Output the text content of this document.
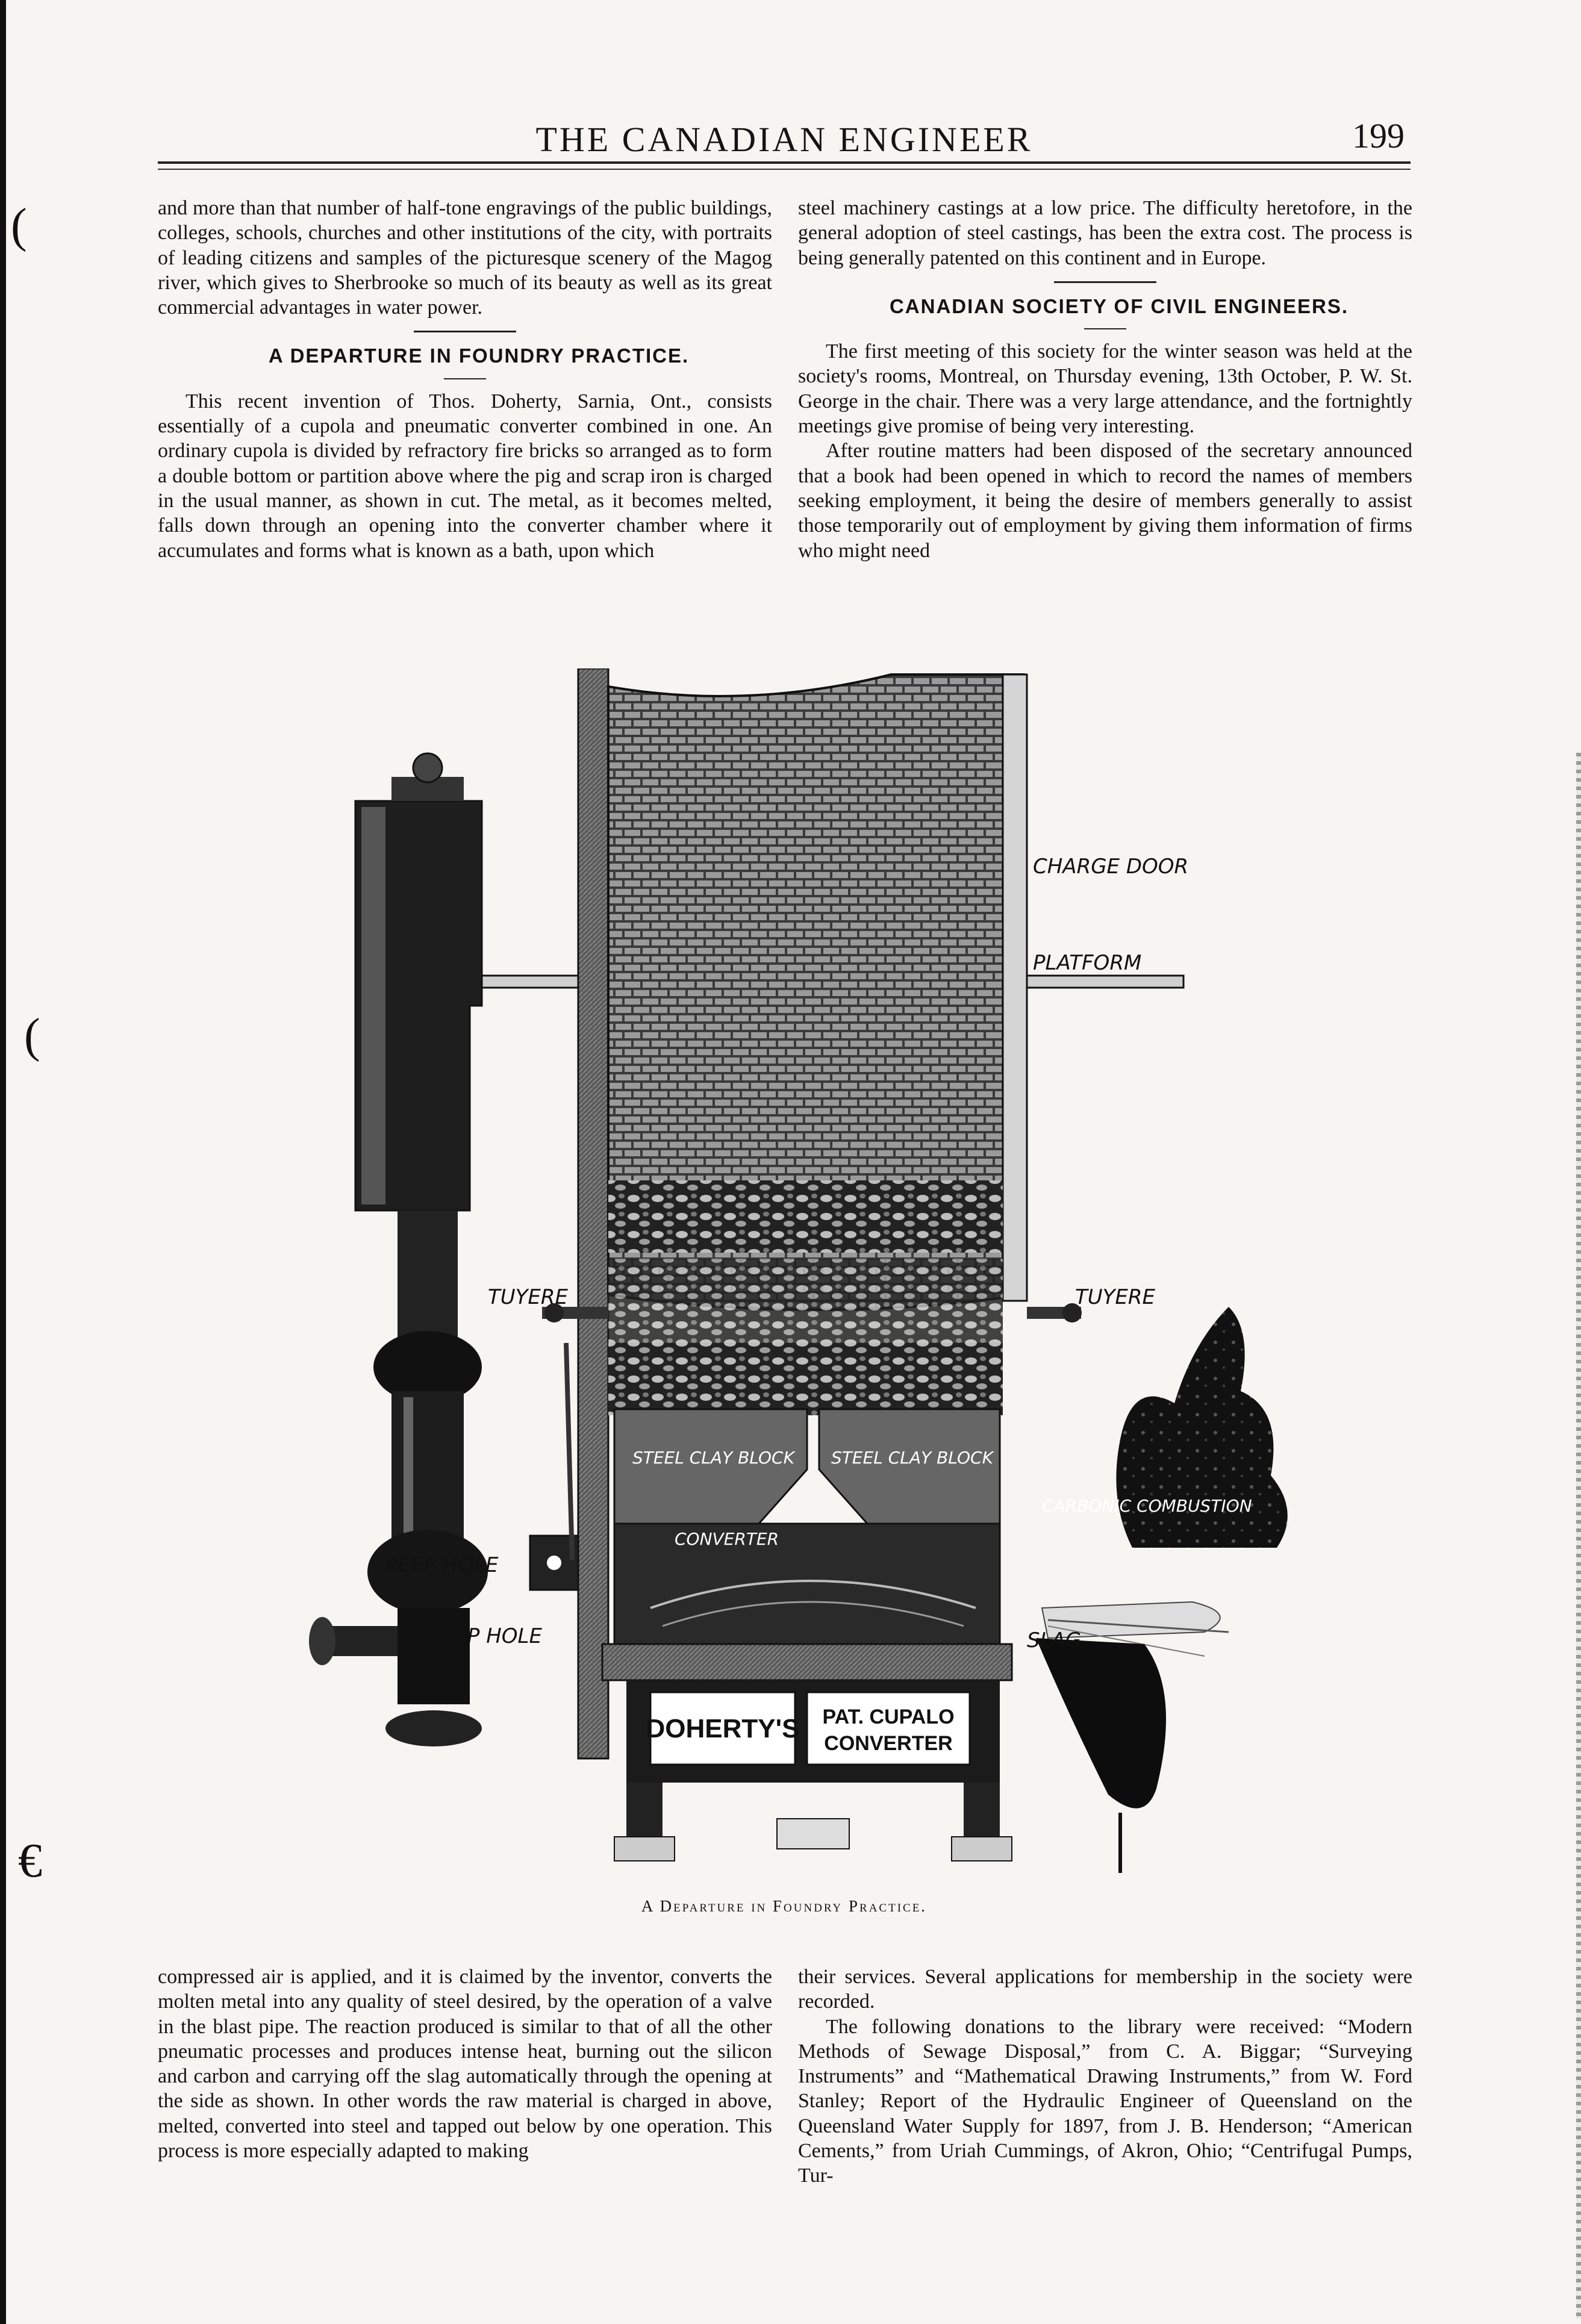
(
(
€
THE CANADIAN ENGINEER	199

and more than that number of half-tone engravings of the public buildings, colleges, schools, churches and other institutions of the city, with portraits of leading citizens and samples of the picturesque scenery of the Magog river, which gives to Sherbrooke so much of its beauty as well as its great commercial advantages in water power.

A DEPARTURE IN FOUNDRY PRACTICE.

This recent invention of Thos. Doherty, Sarnia, Ont., consists essentially of a cupola and pneumatic converter combined in one. An ordinary cupola is divided by refractory fire bricks so arranged as to form a double bottom or partition above where the pig and scrap iron is charged in the usual manner, as shown in cut. The metal, as it becomes melted, falls down through an opening into the converter chamber where it accumulates and forms what is known as a bath, upon which

steel machinery castings at a low price. The difficulty heretofore, in the general adoption of steel castings, has been the extra cost. The process is being generally patented on this continent and in Europe.

CANADIAN SOCIETY OF CIVIL ENGINEERS.

The first meeting of this society for the winter season was held at the society's rooms, Montreal, on Thursday evening, 13th October, P. W. St. George in the chair. There was a very large attendance, and the fortnightly meetings give promise of being very interesting.

After routine matters had been disposed of the secretary announced that a book had been opened in which to record the names of members seeking employment, it being the desire of members generally to assist those temporarily out of employment by giving them information of firms who might need

CHARGE DOOR
PLATFORM
TUYERE	TUYERE
STEEL CLAY BLOCK STEEL CLAY BLOCK
CARBONIC COMBUSTION
CONVERTER
PEEP HOLE
TAP HOLE	SLAG
DOHERTY'S PAT. CUPALO
CONVERTER
A Departure in Foundry Practice.

compressed air is applied, and it is claimed by the inventor, converts the molten metal into any quality of steel desired, by the operation of a valve in the blast pipe. The reaction produced is similar to that of all the other pneumatic processes and produces intense heat, burning out the silicon and carbon and carrying off the slag automatically through the opening at the side as shown. In other words the raw material is charged in above, melted, converted into steel and tapped out below by one operation. This process is more especially adapted to making

their services. Several applications for membership in the society were recorded.

The following donations to the library were received: “Modern Methods of Sewage Disposal,” from C. A. Biggar; “Surveying Instruments” and “Mathematical Drawing Instruments,” from W. Ford Stanley; Report of the Hydraulic Engineer of Queensland on the Queensland Water Supply for 1897, from J. B. Henderson; “American Cements,” from Uriah Cummings, of Akron, Ohio; “Centrifugal Pumps, Tur-
